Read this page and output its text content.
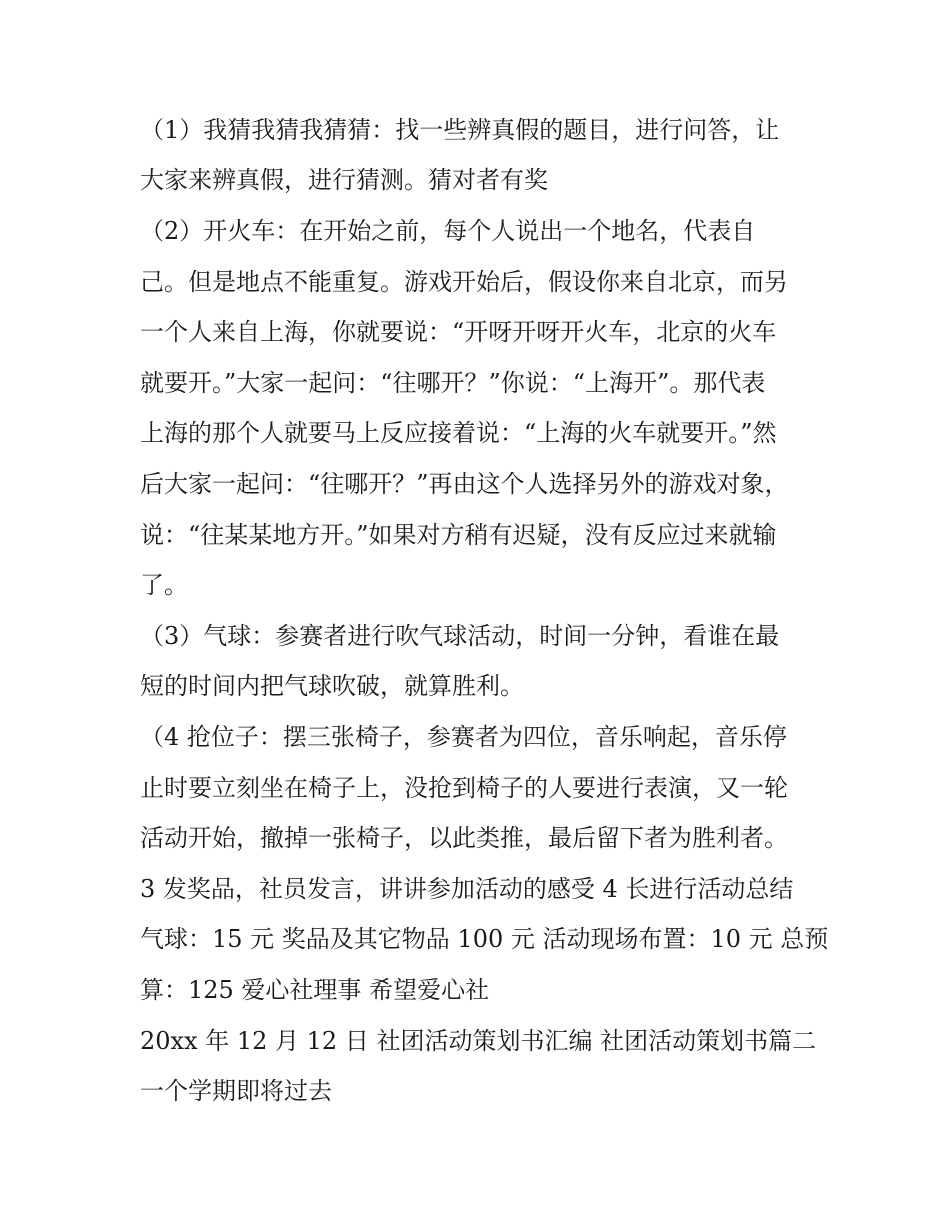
（1）我猜我猜我猜猜：找一些辨真假的题目，进行问答，让
大家来辨真假，进行猜测。猜对者有奖
（2）开火车：在开始之前，每个人说出一个地名，代表自
己。但是地点不能重复。游戏开始后，假设你来自北京，而另
一个人来自上海，你就要说：“开呀开呀开火车，北京的火车
就要开。”大家一起问：“往哪开？”你说：“上海开”。那代表
上海的那个人就要马上反应接着说：“上海的火车就要开。”然
后大家一起问：“往哪开？”再由这个人选择另外的游戏对象，
说：“往某某地方开。”如果对方稍有迟疑，没有反应过来就输
了。
（3）气球：参赛者进行吹气球活动，时间一分钟，看谁在最
短的时间内把气球吹破，就算胜利。
（4 抢位子：摆三张椅子，参赛者为四位，音乐响起，音乐停
止时要立刻坐在椅子上，没抢到椅子的人要进行表演，又一轮
活动开始，撤掉一张椅子，以此类推，最后留下者为胜利者。
3 发奖品，社员发言，讲讲参加活动的感受 4 长进行活动总结
气球：15 元 奖品及其它物品 100 元 活动现场布置：10 元 总预
算：125 爱心社理事 希望爱心社
20xx 年 12 月 12 日 社团活动策划书汇编 社团活动策划书篇二
一个学期即将过去
